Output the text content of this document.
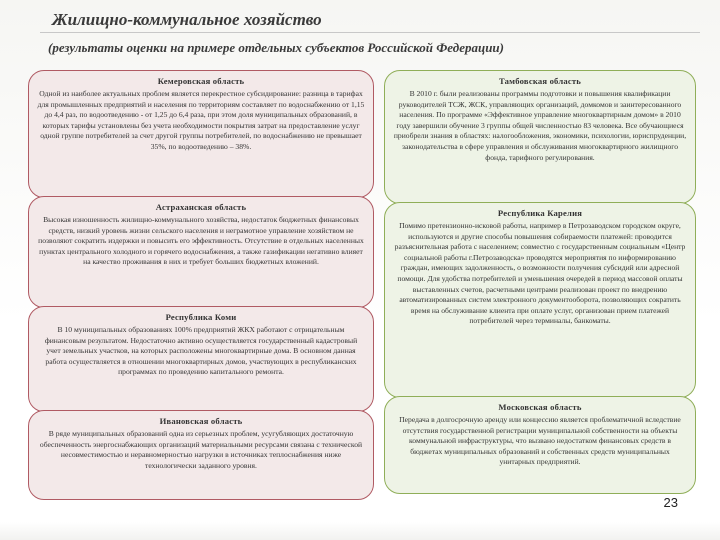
Жилищно-коммунальное хозяйство
(результаты оценки на примере отдельных субъектов Российской Федерации)
Кемеровская область
Одной из наиболее актуальных проблем является перекрестное субсидирование: разница в тарифах для промышленных предприятий и населения по территориям составляет по водоснабжению от 1,15 до 4,4 раз, по водоотведению - от 1,25 до 6,4 раза, при этом доля муниципальных образований, в которых тарифы установлены без учета необходимости покрытия затрат на предоставление услуг одной группе потребителей за счет другой группы потребителей, по водоснабжению не превышает 35%, по водоотведению – 38%.
Астраханская область
Высокая изношенность жилищно-коммунального хозяйства, недостаток бюджетных финансовых средств, низкий уровень жизни сельского населения и неграмотное управление хозяйством не позволяют сократить издержки и повысить его эффективность. Отсутствие в отдельных населенных пунктах центрального холодного и горячего водоснабжения, а также газификации негативно влияет на качество проживания в них и требует больших бюджетных вложений.
Республика Коми
В 10 муниципальных образованиях 100% предприятий ЖКХ работают с отрицательным финансовым результатом. Недостаточно активно осуществляется государственный кадастровый учет земельных участков, на которых расположены многоквартирные дома. В основном данная работа осуществляется в отношении многоквартирных домов, участвующих в республиканских программах по проведению капитального ремонта.
Ивановская область
В ряде муниципальных образований одна из серьезных проблем, усугубляющих достаточную обеспеченность энергоснабжающих организаций материальными ресурсами связана с технической несовместимостью и неравномерностью нагрузки в источниках теплоснабжения ниже технологически заданного уровня.
Тамбовская область
В 2010 г. были реализованы программы подготовки и повышения квалификации руководителей ТСЖ, ЖСК, управляющих организаций, домкомов и заинтересованного населения. По программе «Эффективное управление многоквартирным домом» в 2010 году завершили обучение 3 группы общей численностью 83 человека. Все обучающиеся приобрели знания в областях: налогообложения, экономики, психологии, юриспруденции, законодательства в сфере управления и обслуживания многоквартирного жилищного фонда, тарифного регулирования.
Республика Карелия
Помимо претензионно-исковой работы, например в Петрозаводском городском округе, используются и другие способы повышения собираемости платежей: проводится разъяснительная работа с населением; совместно с государственным социальным «Центр социальной работы г.Петрозаводска» проводятся мероприятия по информированию граждан, имеющих задолженность, о возможности получения субсидий или адресной помощи. Для удобства потребителей и уменьшения очередей в период массовой оплаты выставленных счетов, расчетными центрами реализован проект по внедрению автоматизированных систем электронного документооборота, позволяющих сократить время на обслуживание клиента при оплате услуг, организован прием платежей потребителей через терминалы, банкоматы.
Московская область
Передача в долгосрочную аренду или концессию является проблематичной вследствие отсутствия государственной регистрации муниципальной собственности на объекты коммунальной инфраструктуры, что вызвано недостатком финансовых средств в бюджетах муниципальных образований и собственных средств муниципальных унитарных предприятий.
23
